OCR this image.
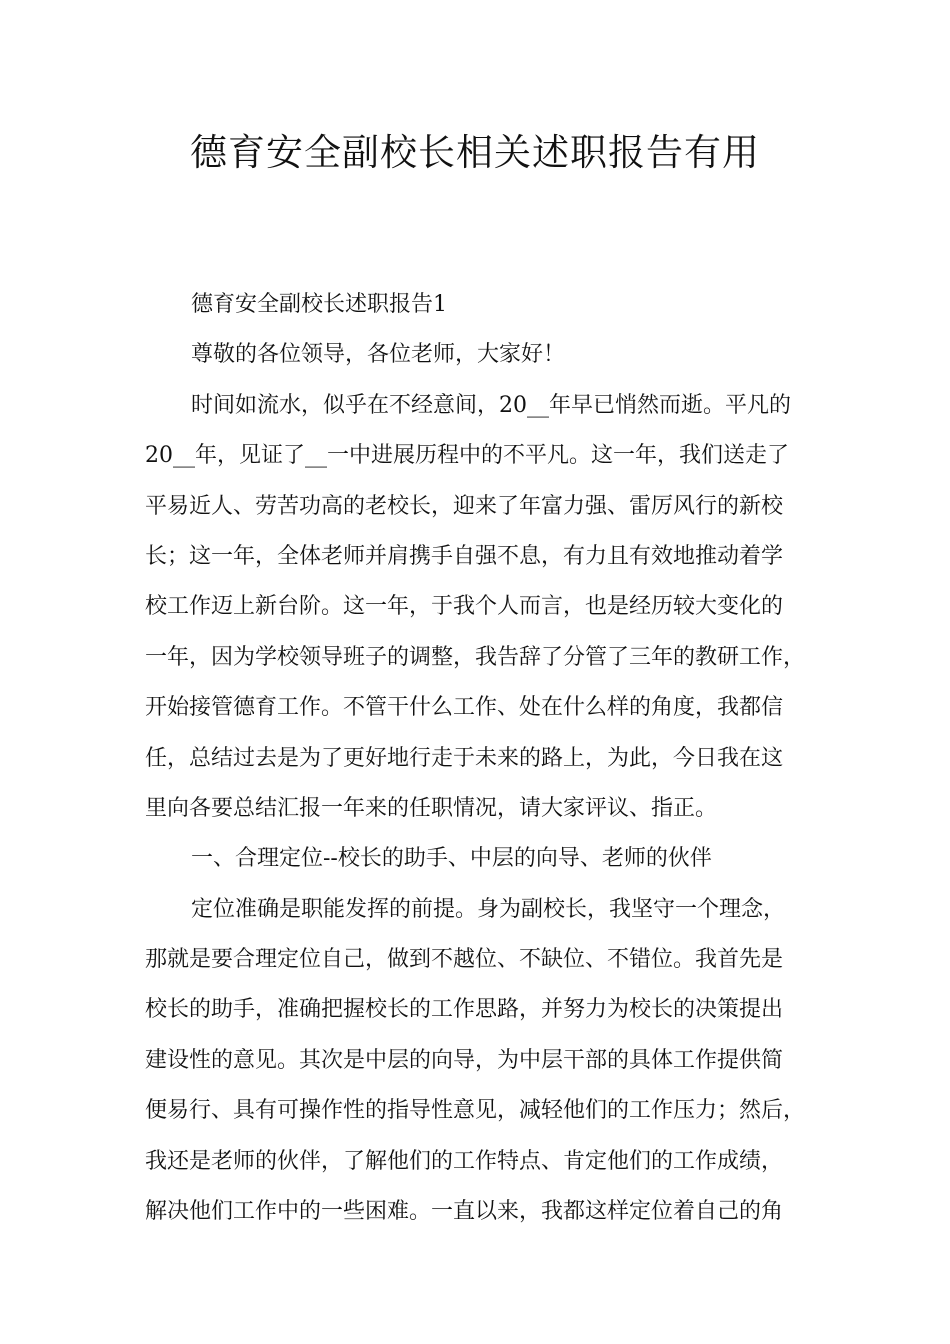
德育安全副校长相关述职报告有用
德育安全副校长述职报告1
尊敬的各位领导，各位老师，大家好！
时间如流水，似乎在不经意间，20__年早已悄然而逝。平凡的
20__年，见证了__一中进展历程中的不平凡。这一年，我们送走了
平易近人、劳苦功高的老校长，迎来了年富力强、雷厉风行的新校
长；这一年，全体老师并肩携手自强不息，有力且有效地推动着学
校工作迈上新台阶。这一年，于我个人而言，也是经历较大变化的
一年，因为学校领导班子的调整，我告辞了分管了三年的教研工作，
开始接管德育工作。不管干什么工作、处在什么样的角度，我都信
任，总结过去是为了更好地行走于未来的路上，为此，今日我在这
里向各要总结汇报一年来的任职情况，请大家评议、指正。
一、合理定位--校长的助手、中层的向导、老师的伙伴
定位准确是职能发挥的前提。身为副校长，我坚守一个理念，
那就是要合理定位自己，做到不越位、不缺位、不错位。我首先是
校长的助手，准确把握校长的工作思路，并努力为校长的决策提出
建设性的意见。其次是中层的向导，为中层干部的具体工作提供简
便易行、具有可操作性的指导性意见，减轻他们的工作压力；然后，
我还是老师的伙伴，了解他们的工作特点、肯定他们的工作成绩，
解决他们工作中的一些困难。一直以来，我都这样定位着自己的角
